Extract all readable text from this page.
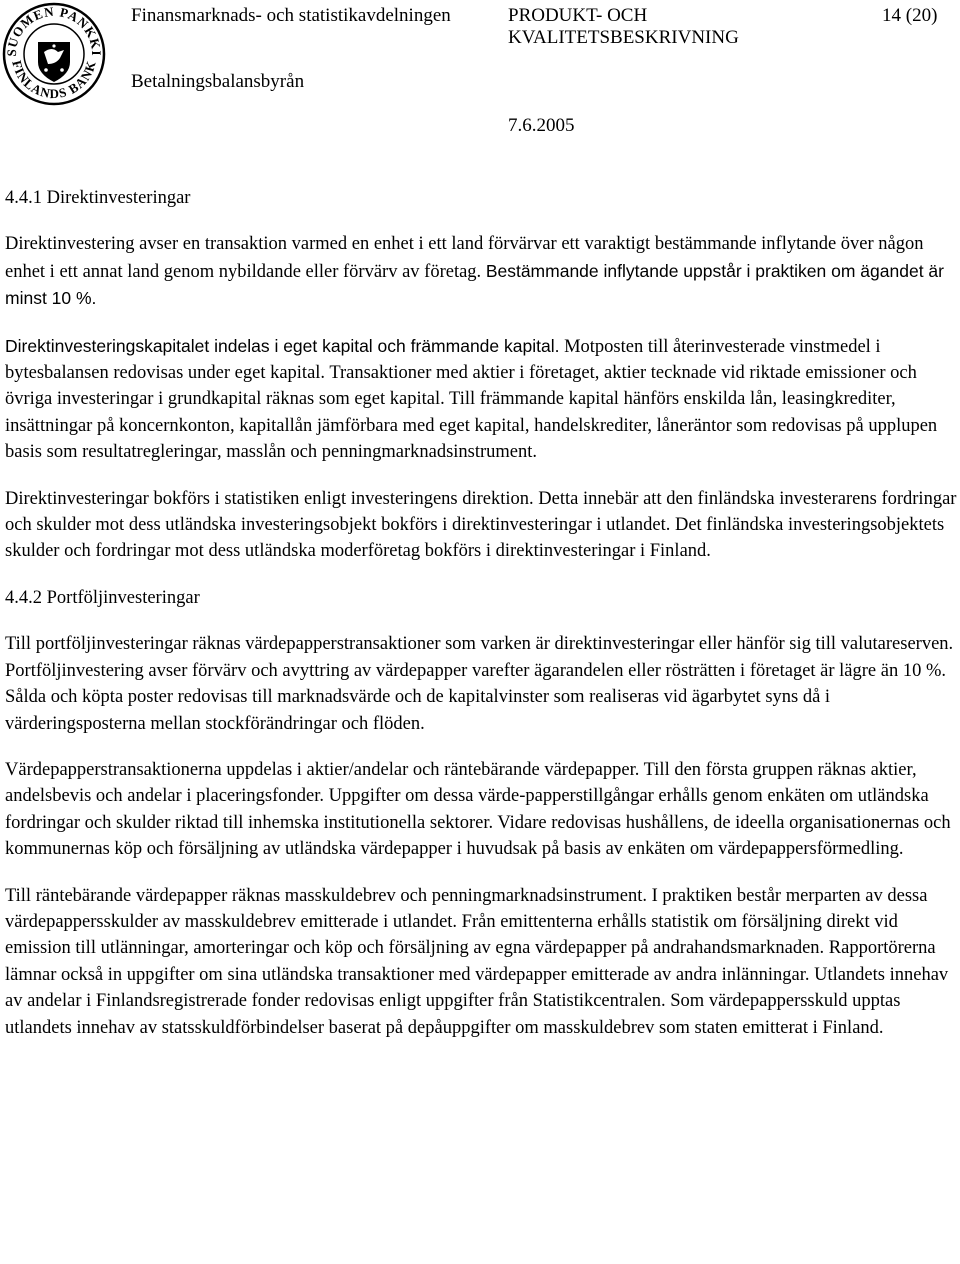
SUOMEN PANKKI
FINLANDS BANK
Finansmarknads- och statistikavdelningen	PRODUKT- OCH
KVALITETSBESKRIVNING
14 (20)
Betalningsbalansbyrån
7.6.2005
4.4.1 Direktinvesteringar

Direktinvestering avser en transaktion varmed en enhet i ett land förvärvar ett varaktigt bestämmande inflytande över någon enhet i ett annat land genom nybildande eller förvärv av företag. Bestämmande inflytande uppstår i praktiken om ägandet är minst 10 %.

Direktinvesteringskapitalet indelas i eget kapital och främmande kapital. Motposten till återinvesterade vinstmedel i bytesbalansen redovisas under eget kapital. Transaktioner med aktier i företaget, aktier tecknade vid riktade emissioner och övriga investeringar i grundkapital räknas som eget kapital. Till främmande kapital hänförs enskilda lån, leasingkrediter, insättningar på koncernkonton, kapitallån jämförbara med eget kapital, handelskrediter, låneräntor som redovisas på upplupen basis som resultatregleringar, masslån och penningmarknadsinstrument.

Direktinvesteringar bokförs i statistiken enligt investeringens direktion. Detta innebär att den finländska investerarens fordringar och skulder mot dess utländska investeringsobjekt bokförs i direktinvesteringar i utlandet. Det finländska investeringsobjektets skulder och fordringar mot dess utländska moderföretag bokförs i direktinvesteringar i Finland.

4.4.2 Portföljinvesteringar

Till portföljinvesteringar räknas värdepapperstransaktioner som varken är direktinvesteringar eller hänför sig till valutareserven. Portföljinvestering avser förvärv och avyttring av värdepapper varefter ägarandelen eller rösträtten i företaget är lägre än 10 %. Sålda och köpta poster redovisas till marknadsvärde och de kapitalvinster som realiseras vid ägarbytet syns då i värderingsposterna mellan stockförändringar och flöden.

Värdepapperstransaktionerna uppdelas i aktier/andelar och räntebärande värdepapper. Till den första gruppen räknas aktier, andelsbevis och andelar i placeringsfonder. Uppgifter om dessa värde-papperstillgångar erhålls genom enkäten om utländska fordringar och skulder riktad till inhemska institutionella sektorer. Vidare redovisas hushållens, de ideella organisationernas och kommunernas köp och försäljning av utländska värdepapper i huvudsak på basis av enkäten om värdepappersförmedling.

Till räntebärande värdepapper räknas masskuldebrev och penningmarknadsinstrument. I praktiken består merparten av dessa värdepappersskulder av masskuldebrev emitterade i utlandet. Från emittenterna erhålls statistik om försäljning direkt vid emission till utlänningar, amorteringar och köp och försäljning av egna värdepapper på andrahandsmarknaden. Rapportörerna lämnar också in uppgifter om sina utländska transaktioner med värdepapper emitterade av andra inlänningar. Utlandets innehav av andelar i Finlandsregistrerade fonder redovisas enligt uppgifter från Statistikcentralen. Som värdepappersskuld upptas utlandets innehav av statsskuldförbindelser baserat på depåuppgifter om masskuldebrev som staten emitterat i Finland.
